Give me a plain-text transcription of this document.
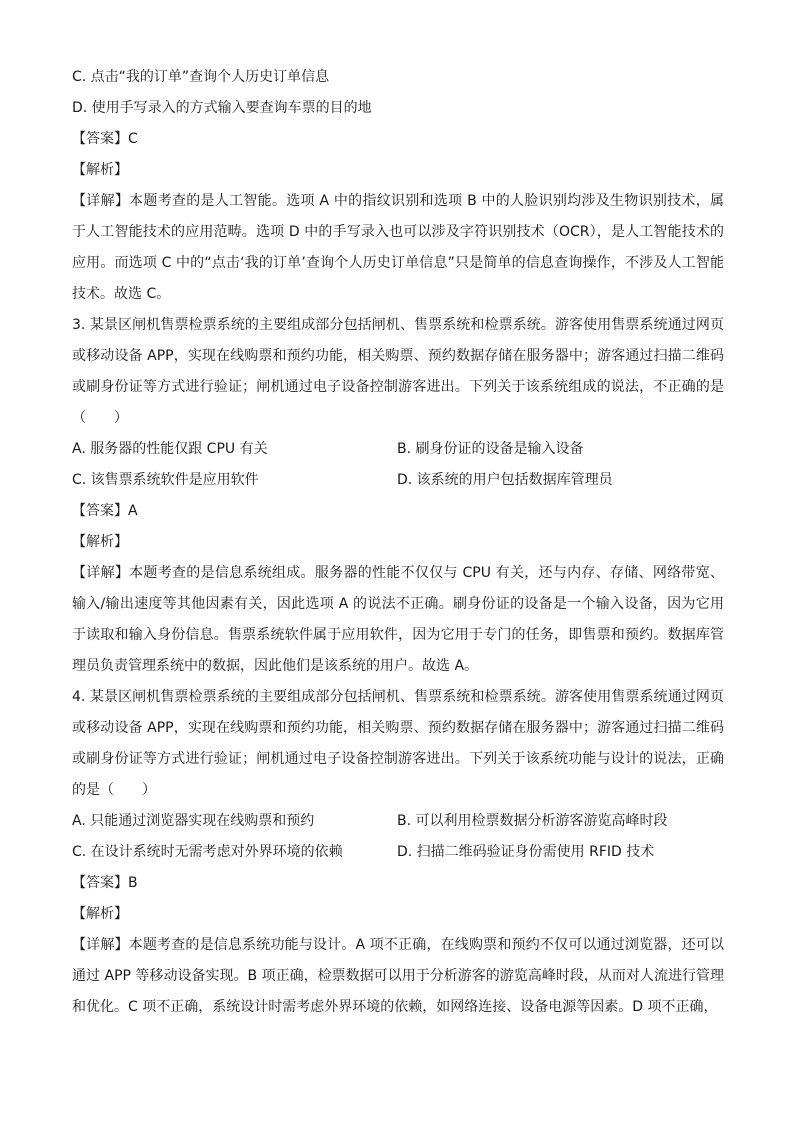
C. 点击“我的订单”查询个人历史订单信息
D. 使用手写录入的方式输入要查询车票的目的地
【答案】C
【解析】
【详解】本题考查的是人工智能。选项 A 中的指纹识别和选项 B 中的人脸识别均涉及生物识别技术，属于人工智能技术的应用范畴。选项 D 中的手写录入也可以涉及字符识别技术（OCR），是人工智能技术的应用。而选项 C 中的“点击‘我的订单’查询个人历史订单信息”只是简单的信息查询操作，不涉及人工智能技术。故选 C。
3. 某景区闸机售票检票系统的主要组成部分包括闸机、售票系统和检票系统。游客使用售票系统通过网页或移动设备 APP，实现在线购票和预约功能，相关购票、预约数据存储在服务器中；游客通过扫描二维码或刷身份证等方式进行验证；闸机通过电子设备控制游客进出。下列关于该系统组成的说法，不正确的是（　　）
A. 服务器的性能仅跟 CPU 有关	B. 刷身份证的设备是输入设备
C. 该售票系统软件是应用软件	D. 该系统的用户包括数据库管理员
【答案】A
【解析】
【详解】本题考查的是信息系统组成。服务器的性能不仅仅与 CPU 有关，还与内存、存储、网络带宽、输入/输出速度等其他因素有关，因此选项 A 的说法不正确。刷身份证的设备是一个输入设备，因为它用于读取和输入身份信息。售票系统软件属于应用软件，因为它用于专门的任务，即售票和预约。数据库管理员负责管理系统中的数据，因此他们是该系统的用户。故选 A。
4. 某景区闸机售票检票系统的主要组成部分包括闸机、售票系统和检票系统。游客使用售票系统通过网页或移动设备 APP，实现在线购票和预约功能，相关购票、预约数据存储在服务器中；游客通过扫描二维码或刷身份证等方式进行验证；闸机通过电子设备控制游客进出。下列关于该系统功能与设计的说法，正确的是（　　）
A. 只能通过浏览器实现在线购票和预约	B. 可以利用检票数据分析游客游览高峰时段
C. 在设计系统时无需考虑对外界环境的依赖	D. 扫描二维码验证身份需使用 RFID 技术
【答案】B
【解析】
【详解】本题考查的是信息系统功能与设计。A 项不正确，在线购票和预约不仅可以通过浏览器，还可以通过 APP 等移动设备实现。B 项正确，检票数据可以用于分析游客的游览高峰时段，从而对人流进行管理和优化。C 项不正确，系统设计时需考虑外界环境的依赖，如网络连接、设备电源等因素。D 项不正确，
